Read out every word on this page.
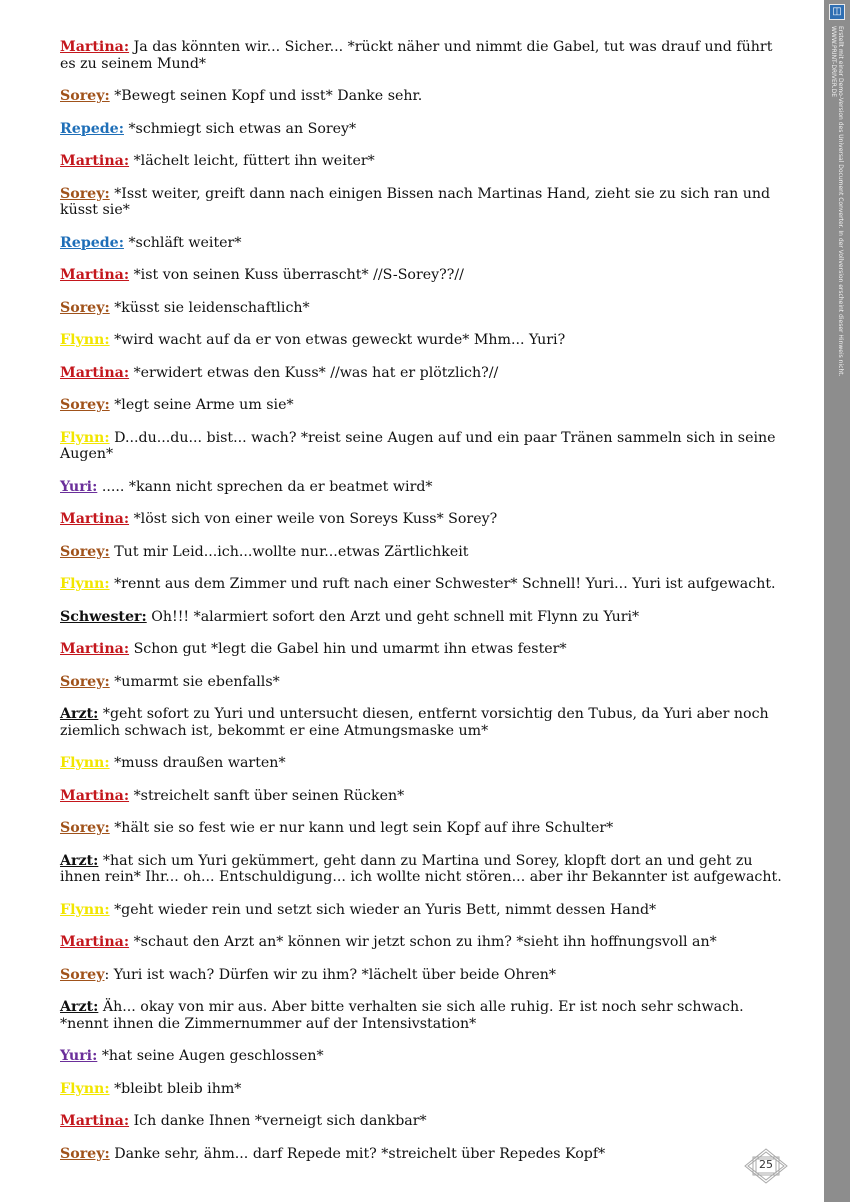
Martina: Ja das könnten wir... Sicher... *rückt näher und nimmt die Gabel, tut was drauf und führt es zu seinem Mund*
Sorey: *Bewegt seinen Kopf und isst* Danke sehr.
Repede: *schmiegt sich etwas an Sorey*
Martina: *lächelt leicht, füttert ihn weiter*
Sorey: *Isst weiter, greift dann nach einigen Bissen nach Martinas Hand, zieht sie zu sich ran und küsst sie*
Repede: *schläft weiter*
Martina: *ist von seinen Kuss überrascht* //S-Sorey??//
Sorey: *küsst sie leidenschaftlich*
Flynn: *wird wacht auf da er von etwas geweckt wurde* Mhm... Yuri?
Martina: *erwidert etwas den Kuss* //was hat er plötzlich?//
Sorey: *legt seine Arme um sie*
Flynn: D...du...du... bist... wach? *reist seine Augen auf und ein paar Tränen sammeln sich in seine Augen*
Yuri: ..... *kann nicht sprechen da er beatmet wird*
Martina: *löst sich von einer weile von Soreys Kuss* Sorey?
Sorey: Tut mir Leid...ich...wollte nur...etwas Zärtlichkeit
Flynn: *rennt aus dem Zimmer und ruft nach einer Schwester* Schnell! Yuri... Yuri ist aufgewacht.
Schwester: Oh!!! *alarmiert sofort den Arzt und geht schnell mit Flynn zu Yuri*
Martina: Schon gut *legt die Gabel hin und umarmt ihn etwas fester*
Sorey: *umarmt sie ebenfalls*
Arzt: *geht sofort zu Yuri und untersucht diesen, entfernt vorsichtig den Tubus, da Yuri aber noch ziemlich schwach ist, bekommt er eine Atmungsmaske um*
Flynn: *muss draußen warten*
Martina: *streichelt sanft über seinen Rücken*
Sorey: *hält sie so fest wie er nur kann und legt sein Kopf auf ihre Schulter*
Arzt: *hat sich um Yuri gekümmert, geht dann zu Martina und Sorey, klopft dort an und geht zu ihnen rein* Ihr... oh... Entschuldigung... ich wollte nicht stören... aber ihr Bekannter ist aufgewacht.
Flynn: *geht wieder rein und setzt sich wieder an Yuris Bett, nimmt dessen Hand*
Martina: *schaut den Arzt an* können wir jetzt schon zu ihm? *sieht ihn hoffnungsvoll an*
Sorey: Yuri ist wach? Dürfen wir zu ihm? *lächelt über beide Ohren*
Arzt: Äh... okay von mir aus. Aber bitte verhalten sie sich alle ruhig. Er ist noch sehr schwach. *nennt ihnen die Zimmernummer auf der Intensivstation*
Yuri: *hat seine Augen geschlossen*
Flynn: *bleibt bleib ihm*
Martina: Ich danke Ihnen *verneigt sich dankbar*
Sorey: Danke sehr, ähm... darf Repede mit? *streichelt über Repedes Kopf*
◫
Erstellt mit einer Demo-Version des Universal Document Converter. In der Vollversion erscheint dieser Hinweis nicht.
WWW.PRINT-DRIVER.DE
25
